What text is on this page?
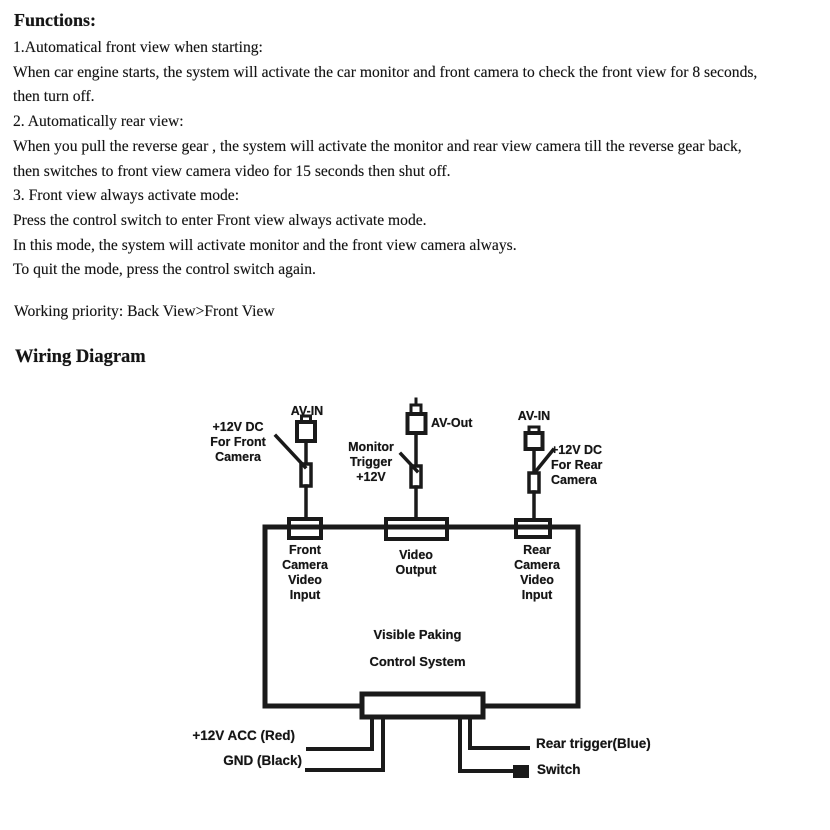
Functions:
1.Automatical front view when starting:
When car engine starts, the system will activate the car monitor and front camera to check the front view for 8 seconds,
then turn off.
2. Automatically rear view:
When you pull the reverse gear , the system will activate the monitor and rear view camera till the reverse gear back,
then switches to front view camera video for 15 seconds then shut off.
3. Front view always activate mode:
Press the control switch to enter Front view always activate mode.
In this mode, the system will activate monitor and the front view camera always.
To quit the mode, press the control switch again.
Working priority: Back View>Front View
Wiring Diagram
AV-IN
+12V DC
For Front
Camera
AV-Out
Monitor
Trigger
+12V
AV-IN
+12V DC
For Rear
Camera
Front
Camera
Video
Input
Video
Output
Rear
Camera
Video
Input
Visible Paking
Control System
+12V ACC (Red)
GND (Black)
Rear trigger(Blue)
Switch
